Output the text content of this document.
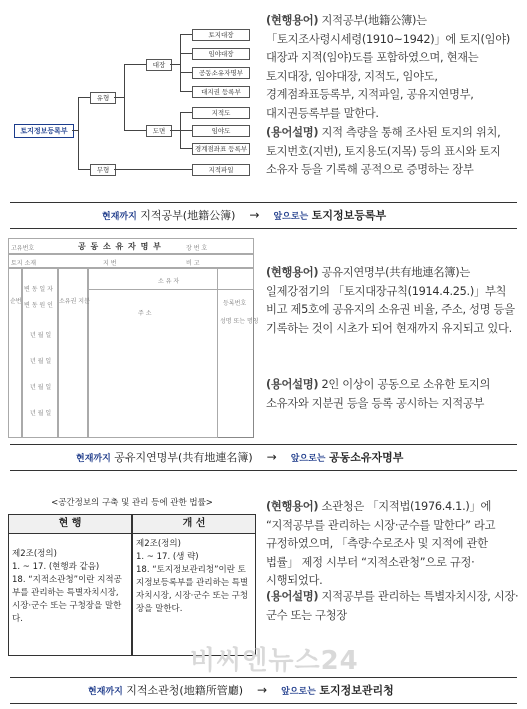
토지정보등록부
유형
무형
대장
도면
토지대장
임야대장
공동소유자명부
대지권 등록부
지적도
임야도
경계점좌표 등록부
지적파일
(현행용어) 지적공부(地籍公簿)는 「토지조사령시세령(1910~1942)」에 토지(임야)대장과 지적(임야)도를 포함하였으며, 현재는 토지대장, 임야대장, 지적도, 임야도, 경계점좌표등록부, 지적파일, 공유지연명부, 대지권등록부를 말한다.
(용어설명) 지적 측량을 통해 조사된 토지의 위치, 토지번호(지번), 토지용도(지목) 등의 표시와 토지 소유자 등을 기록해 공적으로 증명하는 장부
현재까지 지적공부(地籍公簿) → 앞으로는 토지정보등록부
고유번호
토지 소재
공 동 소 유 자 명 부	장 번 호
지 번	비 고
순번
변 동 일 자
변 동 원 인
소유권 지분
소 유 자
주 소
등록번호
성명 또는 명칭
년 월 일
년 월 일
년 월 일
년 월 일
(현행용어) 공유지연명부(共有地連名簿)는 일제강점기의 「토지대장규칙(1914.4.25.)」부칙 비고 제5호에 공유지의 소유권 비율, 주소, 성명 등을 기록하는 것이 시초가 되어 현재까지 유지되고 있다.
(용어설명) 2인 이상이 공동으로 소유한 토지의 소유자와 지분권 등을 등록 공시하는 지적공부
현재까지 공유지연명부(共有地連名簿) → 앞으로는 공동소유자명부
<공간정보의 구축 및 관리 등에 관한 법률>
현 행
제2조(정의)
1. ~ 17. (현행과 같음)
18. “지적소관청”이란 지적공부를 관리하는 특별자치시장, 시장·군수 또는 구청장을 말한다.
개 선
제2조(정의)
1. ~ 17. (생 략)
18. “토지정보관리청”이란 토지정보등록부를 관리하는 특별자치시장, 시장·군수 또는 구청장을 말한다.
(현행용어) 소관청은 「지적법(1976.4.1.)」에 “지적공부를 관리하는 시장·군수를 말한다” 라고 규정하였으며, 「측량·수로조사 및 지적에 관한 법률」 제정 시부터 “지적소관청”으로 규정·시행되었다.
(용어설명) 지적공부를 관리하는 특별자치시장, 시장·군수 또는 구청장
비씨엔뉴스24
현재까지 지적소관청(地籍所管廳) → 앞으로는 토지정보관리청
